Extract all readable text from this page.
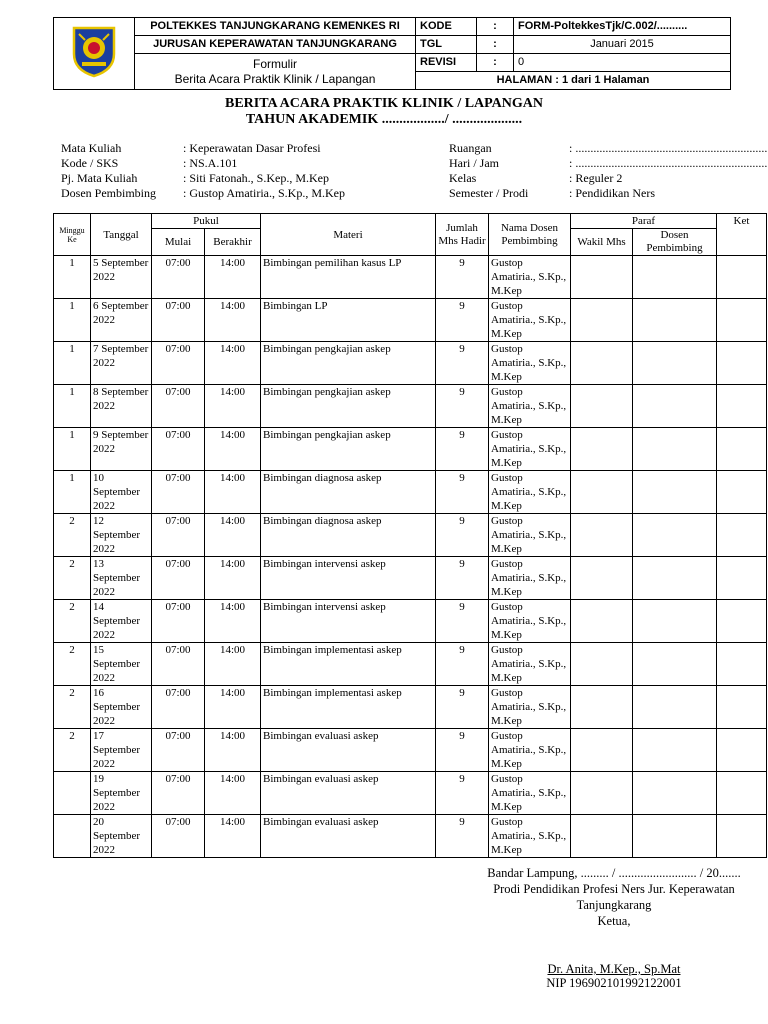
	POLTEKKES TANJUNGKARANG KEMENKES RI	KODE	:	FORM-PoltekkesTjk/C.002/..........
	JURUSAN KEPERAWATAN TANJUNGKARANG	TGL	:	Januari 2015

	Formulir
Berita Acara Praktik Klinik / Lapangan	REVISI	:	0
		HALAMAN : 1 dari 1 Halaman		
BERITA ACARA PRAKTIK KLINIK / LAPANGAN
TAHUN AKADEMIK ................../ ....................
Mata Kuliah	: Keperawatan Dasar Profesi
Kode / SKS	: NS.A.101
Pj. Mata Kuliah	: Siti Fatonah., S.Kep., M.Kep
Dosen Pembimbing	: Gustop Amatiria., S.Kp., M.Kep
Ruangan	: ................................................................
Hari / Jam	: ................................................................
Kelas	: Reguler 2
Semester / Prodi	: Pendidikan Ners
Minggu Ke	Tanggal	Pukul		Materi	Jumlah Mhs Hadir	Nama Dosen Pembimbing	Paraf		Ket
		Mulai	Berakhir				Wakil Mhs	Dosen Pembimbing	
1	5 September 2022	07:00	14:00	Bimbingan pemilihan kasus LP	9	Gustop Amatiria., S.Kp., M.Kep			
1	6 September 2022	07:00	14:00	Bimbingan LP	9	Gustop Amatiria., S.Kp., M.Kep			
1	7 September 2022	07:00	14:00	Bimbingan pengkajian askep	9	Gustop Amatiria., S.Kp., M.Kep			
1	8 September 2022	07:00	14:00	Bimbingan pengkajian askep	9	Gustop Amatiria., S.Kp., M.Kep			
1	9 September 2022	07:00	14:00	Bimbingan pengkajian askep	9	Gustop Amatiria., S.Kp., M.Kep			
1	10 September 2022	07:00	14:00	Bimbingan diagnosa askep	9	Gustop Amatiria., S.Kp., M.Kep			
2	12 September 2022	07:00	14:00	Bimbingan diagnosa askep	9	Gustop Amatiria., S.Kp., M.Kep			
2	13 September 2022	07:00	14:00	Bimbingan intervensi askep	9	Gustop Amatiria., S.Kp., M.Kep			
2	14 September 2022	07:00	14:00	Bimbingan intervensi askep	9	Gustop Amatiria., S.Kp., M.Kep			
2	15 September 2022	07:00	14:00	Bimbingan implementasi askep	9	Gustop Amatiria., S.Kp., M.Kep			
2	16 September 2022	07:00	14:00	Bimbingan implementasi askep	9	Gustop Amatiria., S.Kp., M.Kep			
2	17 September 2022	07:00	14:00	Bimbingan evaluasi askep	9	Gustop Amatiria., S.Kp., M.Kep			
	19 September 2022	07:00	14:00	Bimbingan evaluasi askep	9	Gustop Amatiria., S.Kp., M.Kep			
	20 September 2022	07:00	14:00	Bimbingan evaluasi askep	9	Gustop Amatiria., S.Kp., M.Kep			
Bandar Lampung, ......... / ......................... / 20.......
Prodi Pendidikan Profesi Ners Jur. Keperawatan
Tanjungkarang
Ketua,
Dr. Anita, M.Kep., Sp.Mat
NIP 196902101992122001
